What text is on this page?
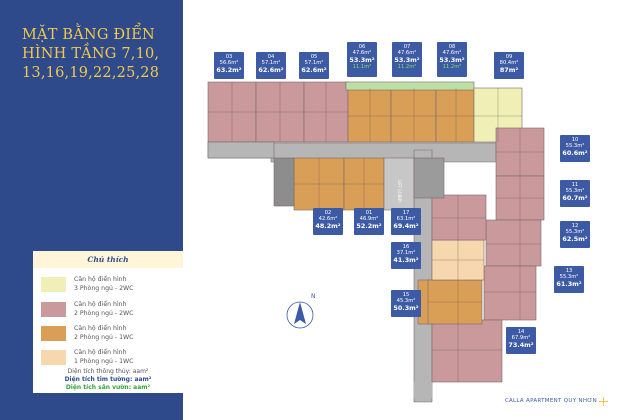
MẶT BẰNG ĐIỂN
HÌNH TẦNG 7,10,
13,16,19,22,25,28
Chú thích
Căn hộ điển hình
3 Phòng ngủ - 2WC
Căn hộ điển hình
2 Phòng ngủ - 2WC
Căn hộ điển hình
2 Phòng ngủ - 1WC
Căn hộ điển hình
1 Phòng ngủ - 1WC
Diện tích thông thủy: aam²
Diện tích tim tường: aam²
Diện tích sân vườn: aam²
LIFT LOBBY
N
03
56.6m²
63.2m²
04
57.1m²
62.6m²
05
57.1m²
62.6m²
06
47.6m²
53.3m²
11.1m²
07
47.6m²
53.3m²
11.2m²
08
47.6m²
53.3m²
11.2m²
09
80.4m²
87m²
10
55.3m²
60.6m²
11
55.3m²
60.7m²
12
55.3m²
62.5m²
13
55.3m²
61.3m²
14
67.9m²
73.4m²
15
45.3m²
50.3m²
16
37.1m²
41.3m²
17
63.1m²
69.4m²
01
46.9m²
52.2m²
02
42.6m²
48.2m²
CALLA APARTMENT QUY NHƠN
